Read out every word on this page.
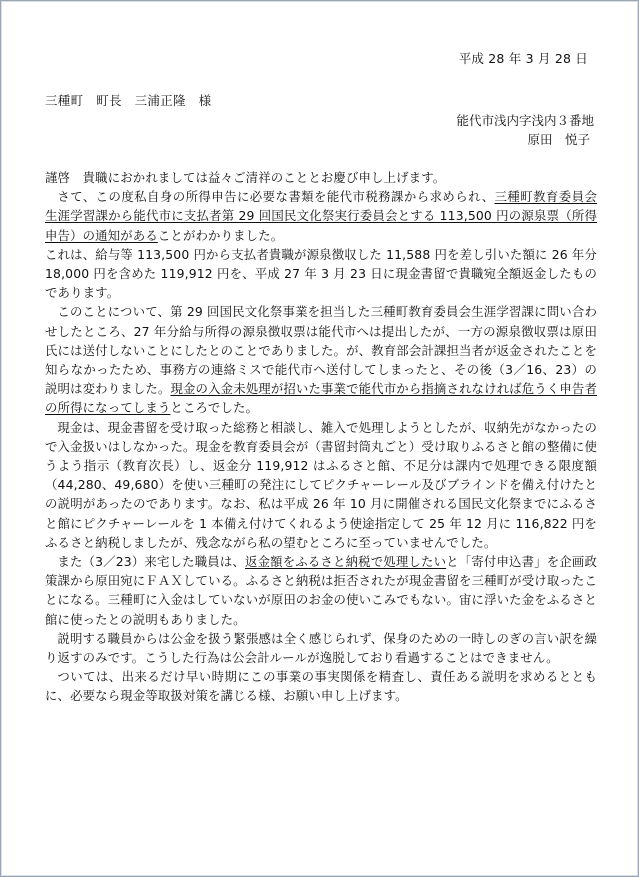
平成 28 年 3 月 28 日
三種町　町長　三浦正隆　様
能代市浅内字浅内３番地
原田　悦子

謹啓　貴職におかれましては益々ご清祥のこととお慶び申し上げます。

さて、この度私自身の所得申告に必要な書類を能代市税務課から求められ、三種町教育委員会生涯学習課から能代市に支払者第 29 回国民文化祭実行委員会とする 113,500 円の源泉票（所得申告）の通知があることがわかりました。

これは、給与等 113,500 円から支払者貴職が源泉徴収した 11,588 円を差し引いた額に 26 年分 18,000 円を含めた 119,912 円を、平成 27 年 3 月 23 日に現金書留で貴職宛全額返金したものであります。

このことについて、第 29 回国民文化祭事業を担当した三種町教育委員会生涯学習課に問い合わせしたところ、27 年分給与所得の源泉徴収票は能代市へは提出したが、一方の源泉徴収票は原田氏には送付しないことにしたとのことでありました。が、教育部会計課担当者が返金されたことを知らなかったため、事務方の連絡ミスで能代市へ送付してしまったと、その後（3／16、23）の説明は変わりました。現金の入金未処理が招いた事業で能代市から指摘されなければ危うく申告者の所得になってしまうところでした。

現金は、現金書留を受け取った総務と相談し、雑入で処理しようとしたが、収納先がなかったので入金扱いはしなかった。現金を教育委員会が（書留封筒丸ごと）受け取りふるさと館の整備に使うよう指示（教育次長）し、返金分 119,912 はふるさと館、不足分は課内で処理できる限度額（44,280、49,680）を使い三種町の発注にしてピクチャーレール及びブラインドを備え付けたとの説明があったのであります。なお、私は平成 26 年 10 月に開催される国民文化祭までにふるさと館にピクチャーレールを 1 本備え付けてくれるよう使途指定して 25 年 12 月に 116,822 円をふるさと納税しましたが、残念ながら私の望むところに至っていませんでした。

また（3／23）来宅した職員は、返金額をふるさと納税で処理したいと「寄付申込書」を企画政策課から原田宛にＦＡＸしている。ふるさと納税は拒否されたが現金書留を三種町が受け取ったことになる。三種町に入金はしていないが原田のお金の使いこみでもない。宙に浮いた金をふるさと館に使ったとの説明もありました。

説明する職員からは公金を扱う緊張感は全く感じられず、保身のための一時しのぎの言い訳を繰り返すのみです。こうした行為は公会計ルールが逸脱しており看過することはできません。

ついては、出来るだけ早い時期にこの事業の事実関係を精査し、責任ある説明を求めるとともに、必要なら現金等取扱対策を講じる様、お願い申し上げます。
